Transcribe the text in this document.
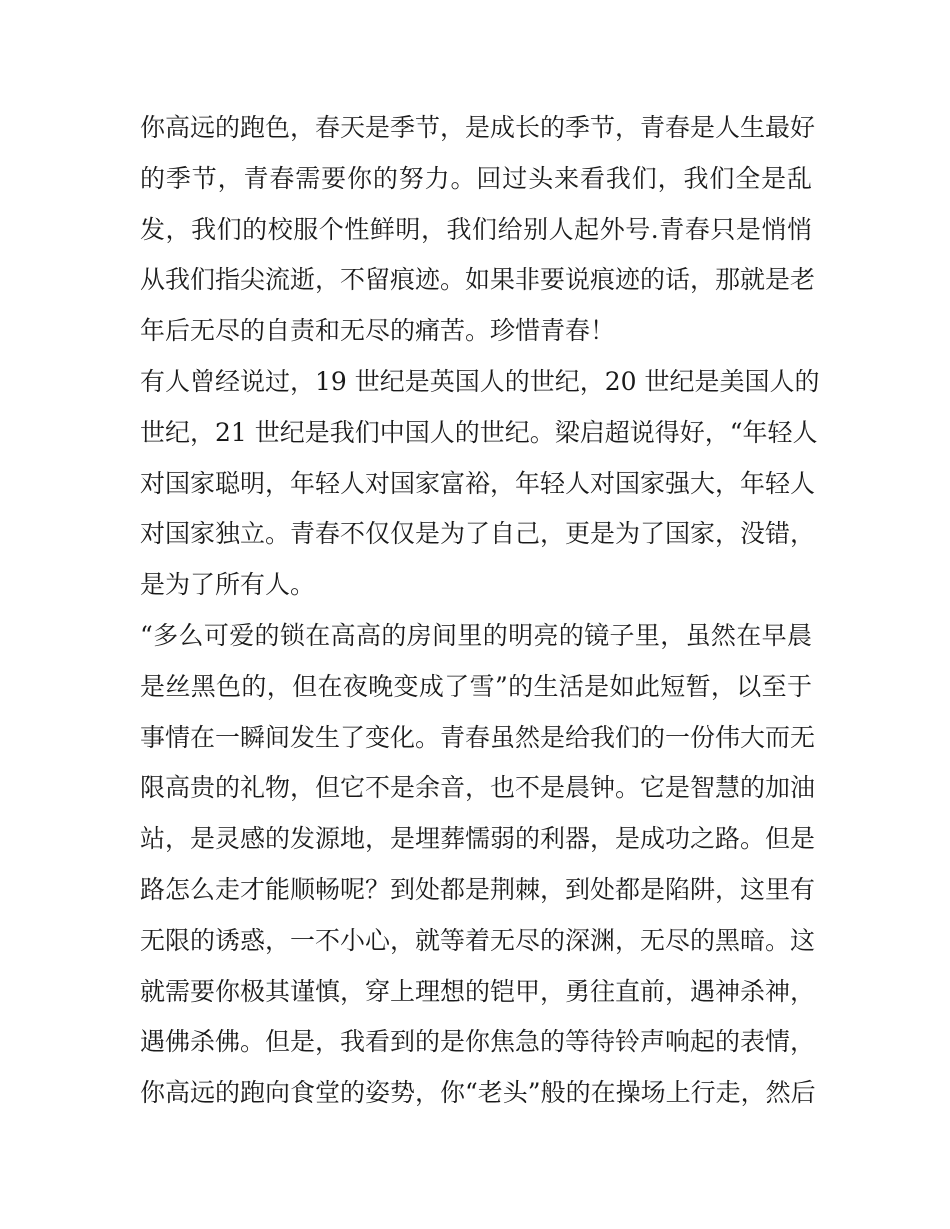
你高远的跑色，春天是季节，是成长的季节，青春是人生最好
的季节，青春需要你的努力。回过头来看我们，我们全是乱
发，我们的校服个性鲜明，我们给别人起外号.青春只是悄悄
从我们指尖流逝，不留痕迹。如果非要说痕迹的话，那就是老
年后无尽的自责和无尽的痛苦。珍惜青春！
有人曾经说过，19 世纪是英国人的世纪，20 世纪是美国人的
世纪，21 世纪是我们中国人的世纪。梁启超说得好，“年轻人
对国家聪明，年轻人对国家富裕，年轻人对国家强大，年轻人
对国家独立。青春不仅仅是为了自己，更是为了国家，没错，
是为了所有人。
“多么可爱的锁在高高的房间里的明亮的镜子里，虽然在早晨
是丝黑色的，但在夜晚变成了雪”的生活是如此短暂，以至于
事情在一瞬间发生了变化。青春虽然是给我们的一份伟大而无
限高贵的礼物，但它不是余音，也不是晨钟。它是智慧的加油
站，是灵感的发源地，是埋葬懦弱的利器，是成功之路。但是
路怎么走才能顺畅呢？到处都是荆棘，到处都是陷阱，这里有
无限的诱惑，一不小心，就等着无尽的深渊，无尽的黑暗。这
就需要你极其谨慎，穿上理想的铠甲，勇往直前，遇神杀神，
遇佛杀佛。但是，我看到的是你焦急的等待铃声响起的表情，
你高远的跑向食堂的姿势，你“老头”般的在操场上行走，然后
